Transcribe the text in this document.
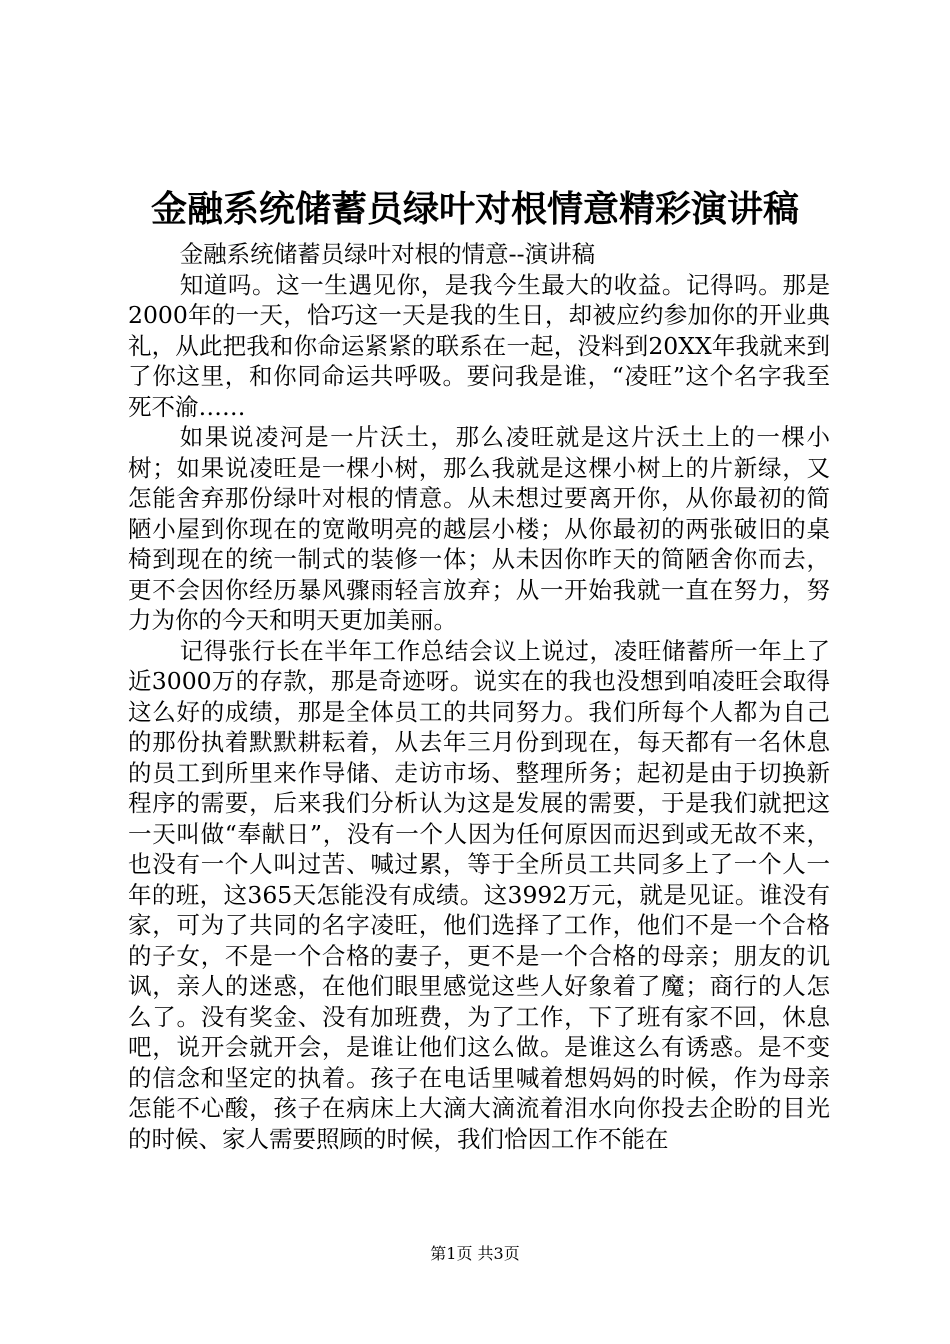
金融系统储蓄员绿叶对根情意精彩演讲稿

金融系统储蓄员绿叶对根的情意--演讲稿

知道吗。这一生遇见你，是我今生最大的收益。记得吗。那是2000年的一天，恰巧这一天是我的生日，却被应约参加你的开业典礼，从此把我和你命运紧紧的联系在一起，没料到20XX年我就来到了你这里，和你同命运共呼吸。要问我是谁，“凌旺”这个名字我至死不渝……

如果说凌河是一片沃土，那么凌旺就是这片沃土上的一棵小树；如果说凌旺是一棵小树，那么我就是这棵小树上的片新绿，又怎能舍弃那份绿叶对根的情意。从未想过要离开你，从你最初的简陋小屋到你现在的宽敞明亮的越层小楼；从你最初的两张破旧的桌椅到现在的统一制式的装修一体；从未因你昨天的简陋舍你而去，更不会因你经历暴风骤雨轻言放弃；从一开始我就一直在努力，努力为你的今天和明天更加美丽。

记得张行长在半年工作总结会议上说过，凌旺储蓄所一年上了近3000万的存款，那是奇迹呀。说实在的我也没想到咱凌旺会取得这么好的成绩，那是全体员工的共同努力。我们所每个人都为自己的那份执着默默耕耘着，从去年三月份到现在，每天都有一名休息的员工到所里来作导储、走访市场、整理所务；起初是由于切换新程序的需要，后来我们分析认为这是发展的需要，于是我们就把这一天叫做“奉献日”，没有一个人因为任何原因而迟到或无故不来，也没有一个人叫过苦、喊过累，等于全所员工共同多上了一个人一年的班，这365天怎能没有成绩。这3992万元，就是见证。谁没有家，可为了共同的名字凌旺，他们选择了工作，他们不是一个合格的子女，不是一个合格的妻子，更不是一个合格的母亲；朋友的讥讽，亲人的迷惑，在他们眼里感觉这些人好象着了魔；商行的人怎么了。没有奖金、没有加班费，为了工作，下了班有家不回，休息吧，说开会就开会，是谁让他们这么做。是谁这么有诱惑。是不变的信念和坚定的执着。孩子在电话里喊着想妈妈的时候，作为母亲怎能不心酸，孩子在病床上大滴大滴流着泪水向你投去企盼的目光的时候、家人需要照顾的时候，我们恰因工作不能在

第1页 共3页
